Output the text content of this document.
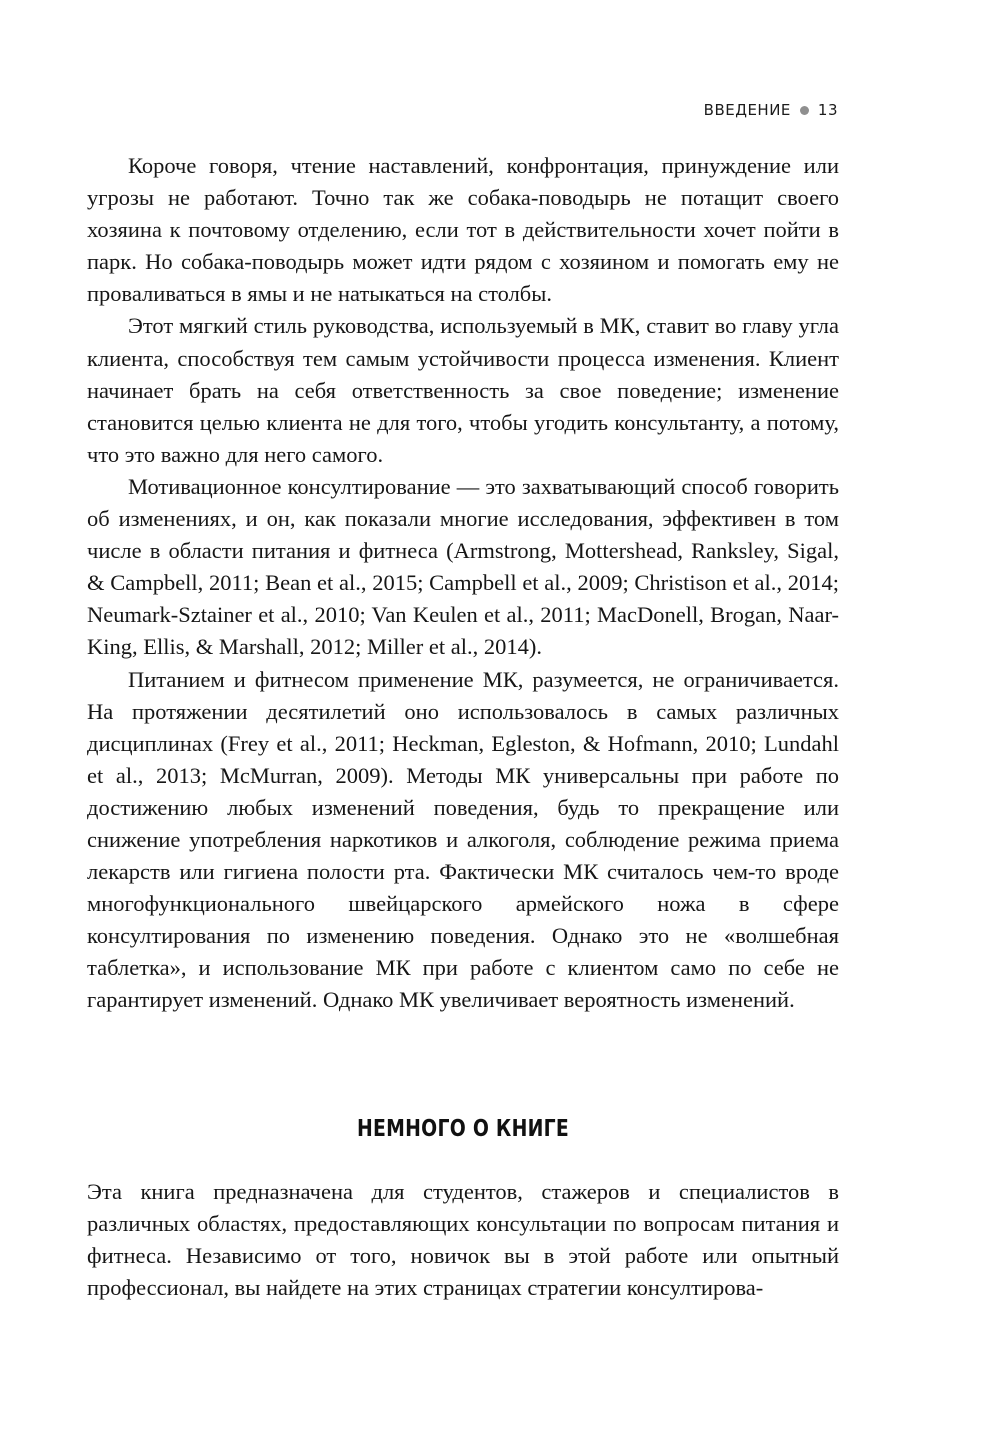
ВВЕДЕНИЕ 13

Короче говоря, чтение наставлений, конфронтация, принуждение или угрозы не работают. Точно так же собака-поводырь не потащит своего хозяина к почтовому отделению, если тот в действительности хочет пойти в парк. Но собака-поводырь может идти рядом с хозяином и помогать ему не проваливаться в ямы и не натыкаться на столбы.

Этот мягкий стиль руководства, используемый в МК, ставит во главу угла клиента, способствуя тем самым устойчивости процесса изменения. Клиент начинает брать на себя ответственность за свое поведение; изменение становится целью клиента не для того, чтобы угодить консультанту, а потому, что это важно для него самого.

Мотивационное консултирование — это захватывающий способ говорить об изменениях, и он, как показали многие исследования, эффективен в том числе в области питания и фитнеса (Armstrong, Mottershead, Ranksley, Sigal, & Campbell, 2011; Bean et al., 2015; Campbell et al., 2009; Christison et al., 2014; Neumark-Sztainer et al., 2010; Van Keulen et al., 2011; MacDonell, Brogan, Naar-King, Ellis, & Marshall, 2012; Miller et al., 2014).

Питанием и фитнесом применение МК, разумеется, не ограничивается. На протяжении десятилетий оно использовалось в самых различных дисциплинах (Frey et al., 2011; Heckman, Egleston, & Hofmann, 2010; Lundahl et al., 2013; McMurran, 2009). Методы МК универсальны при работе по достижению любых изменений поведения, будь то прекращение или снижение употребления наркотиков и алкоголя, соблюдение режима приема лекарств или гигиена полости рта. Фактически МК считалось чем-то вроде многофункционального швейцарского армейского ножа в сфере консултирования по изменению поведения. Однако это не «волшебная таблетка», и использование МК при работе с клиентом само по себе не гарантирует изменений. Однако МК увеличивает вероятность изменений.

НЕМНОГО О КНИГЕ

Эта книга предназначена для студентов, стажеров и специалистов в различных областях, предоставляющих консультации по вопросам питания и фитнеса. Независимо от того, новичок вы в этой работе или опытный профессионал, вы найдете на этих страницах стратегии консултирова-
